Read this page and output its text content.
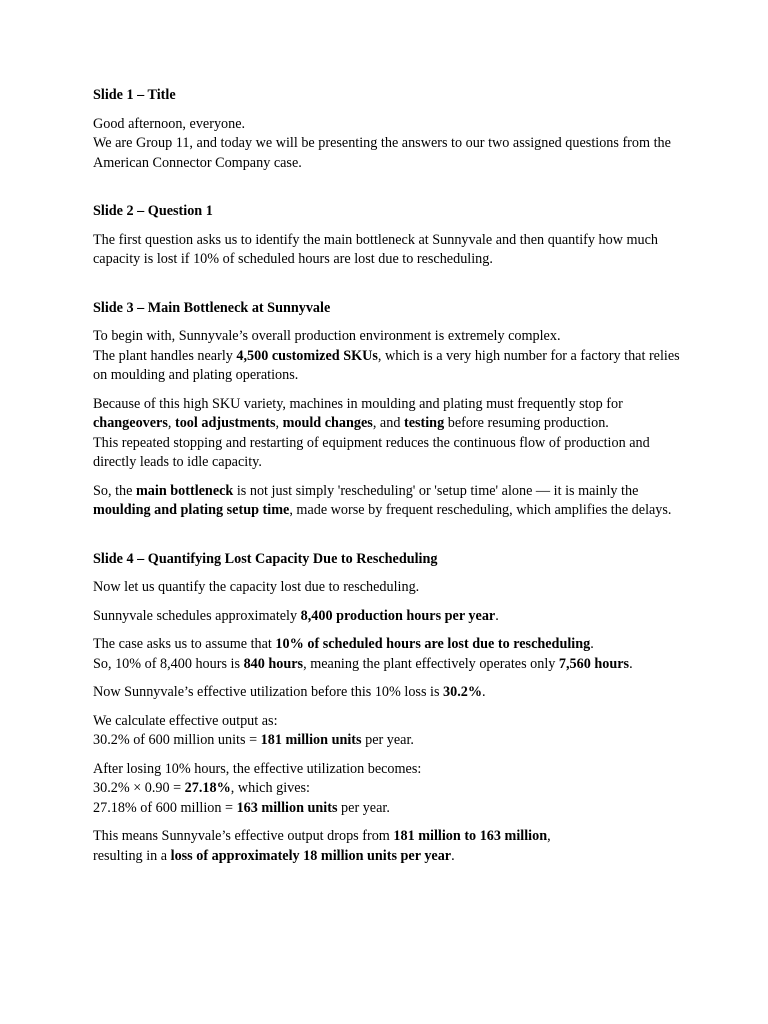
Slide 1 – Title

Good afternoon, everyone.
We are Group 11, and today we will be presenting the answers to our two assigned questions from the American Connector Company case.

Slide 2 – Question 1

The first question asks us to identify the main bottleneck at Sunnyvale and then quantify how much capacity is lost if 10% of scheduled hours are lost due to rescheduling.

Slide 3 – Main Bottleneck at Sunnyvale

To begin with, Sunnyvale’s overall production environment is extremely complex.
The plant handles nearly 4,500 customized SKUs, which is a very high number for a factory that relies on moulding and plating operations.

Because of this high SKU variety, machines in moulding and plating must frequently stop for changeovers, tool adjustments, mould changes, and testing before resuming production.
This repeated stopping and restarting of equipment reduces the continuous flow of production and directly leads to idle capacity.

So, the main bottleneck is not just simply 'rescheduling' or 'setup time' alone — it is mainly the moulding and plating setup time, made worse by frequent rescheduling, which amplifies the delays.

Slide 4 – Quantifying Lost Capacity Due to Rescheduling

Now let us quantify the capacity lost due to rescheduling.

Sunnyvale schedules approximately 8,400 production hours per year.

The case asks us to assume that 10% of scheduled hours are lost due to rescheduling.
So, 10% of 8,400 hours is 840 hours, meaning the plant effectively operates only 7,560 hours.

Now Sunnyvale’s effective utilization before this 10% loss is 30.2%.

We calculate effective output as:
30.2% of 600 million units = 181 million units per year.

After losing 10% hours, the effective utilization becomes:
30.2% × 0.90 = 27.18%, which gives:
27.18% of 600 million = 163 million units per year.

This means Sunnyvale’s effective output drops from 181 million to 163 million,
resulting in a loss of approximately 18 million units per year.
